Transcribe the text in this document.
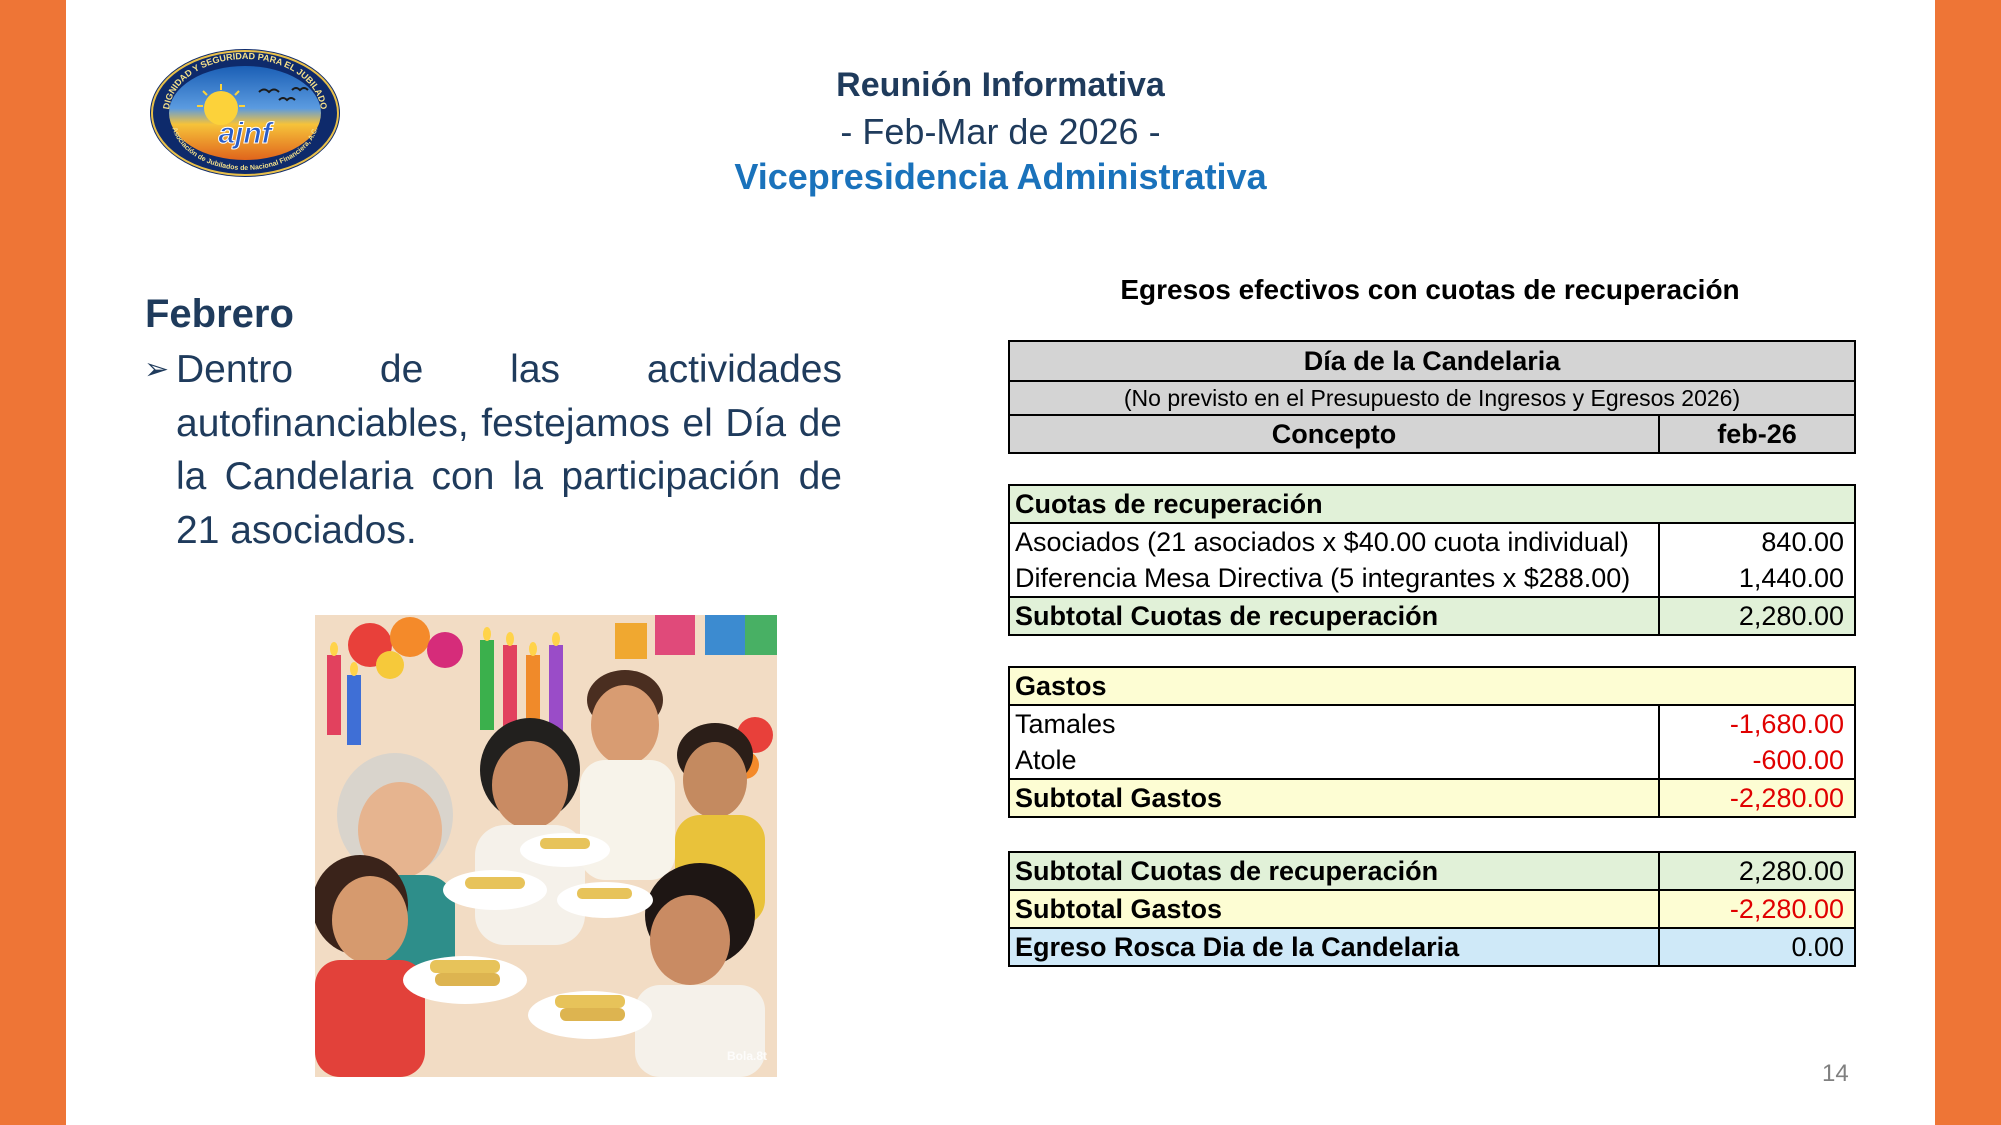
ajnf
DIGNIDAD Y SEGURIDAD PARA EL JUBILADO
Asociación de Jubilados de Nacional Financiera, A.C.
Reunión Informativa
- Feb-Mar de 2026 -
Vicepresidencia Administrativa
Febrero
➢ Dentro de las actividades autofinanciables, festejamos el Día de la Candelaria con la participación de 21 asociados.
Bola.8t
Egresos efectivos con cuotas de recuperación
Día de la Candelaria

(No previsto en el Presupuesto de Ingresos y Egresos 2026)

Concepto	feb-26
Cuotas de recuperación	
Asociados (21 asociados x $40.00 cuota individual)	840.00
Diferencia Mesa Directiva (5 integrantes x $288.00)	1,440.00
Subtotal Cuotas de recuperación	2,280.00
Gastos	
Tamales	-1,680.00
Atole	-600.00
Subtotal Gastos	-2,280.00
Subtotal Cuotas de recuperación	2,280.00
Subtotal Gastos	-2,280.00
Egreso Rosca Dia de la Candelaria	0.00
14
